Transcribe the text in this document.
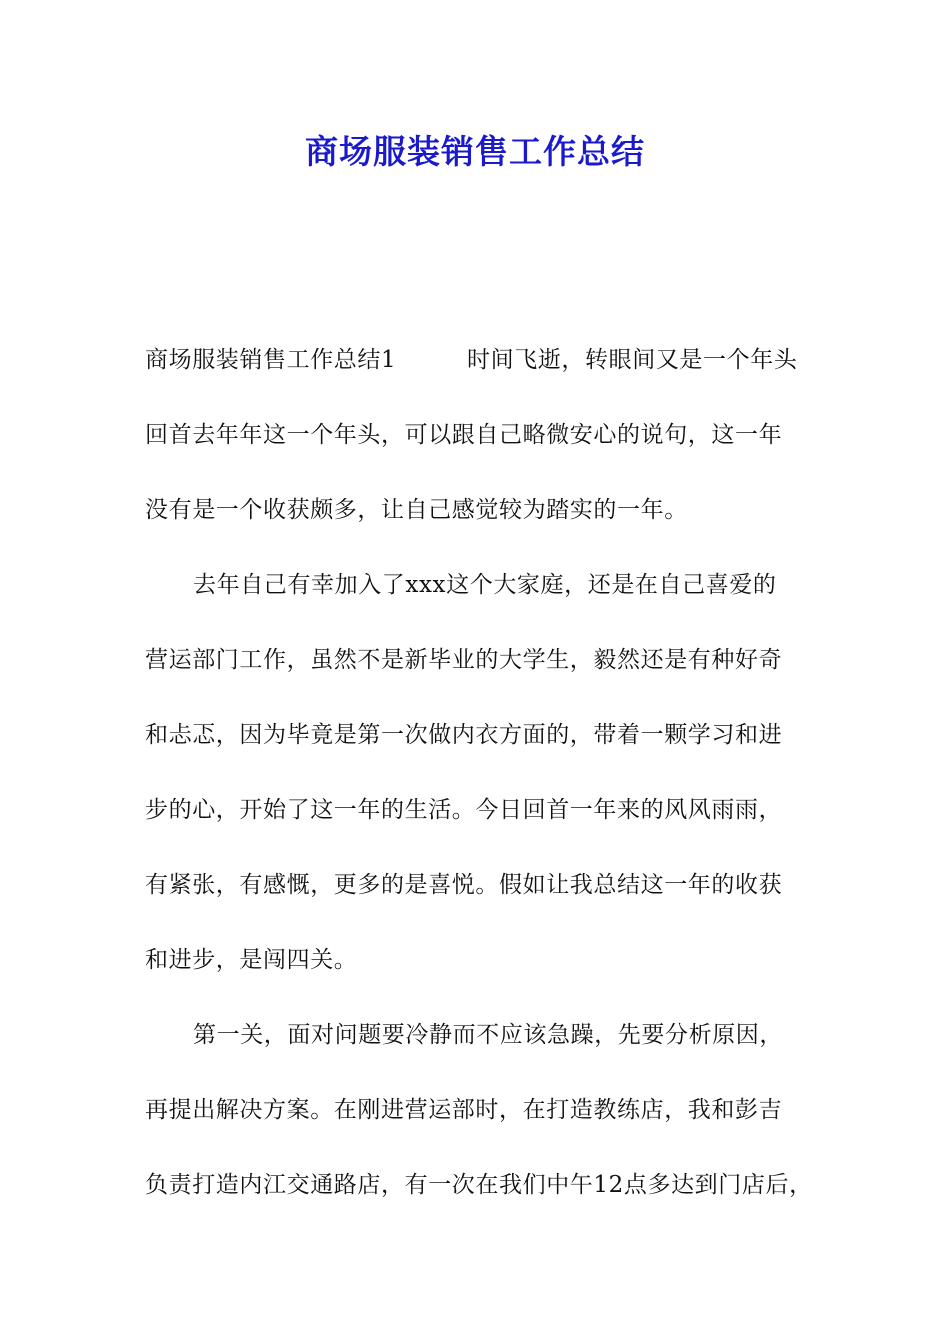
商场服装销售工作总结
商场服装销售工作总结1　　　时间飞逝，转眼间又是一个年头
回首去年年这一个年头，可以跟自己略微安心的说句，这一年
没有是一个收获颇多，让自己感觉较为踏实的一年。
去年自己有幸加入了xxx这个大家庭，还是在自己喜爱的
营运部门工作，虽然不是新毕业的大学生，毅然还是有种好奇
和忐忑，因为毕竟是第一次做内衣方面的，带着一颗学习和进
步的心，开始了这一年的生活。今日回首一年来的风风雨雨，
有紧张，有感慨，更多的是喜悦。假如让我总结这一年的收获
和进步，是闯四关。
第一关，面对问题要冷静而不应该急躁，先要分析原因，
再提出解决方案。在刚进营运部时，在打造教练店，我和彭吉
负责打造内江交通路店，有一次在我们中午12点多达到门店后，
